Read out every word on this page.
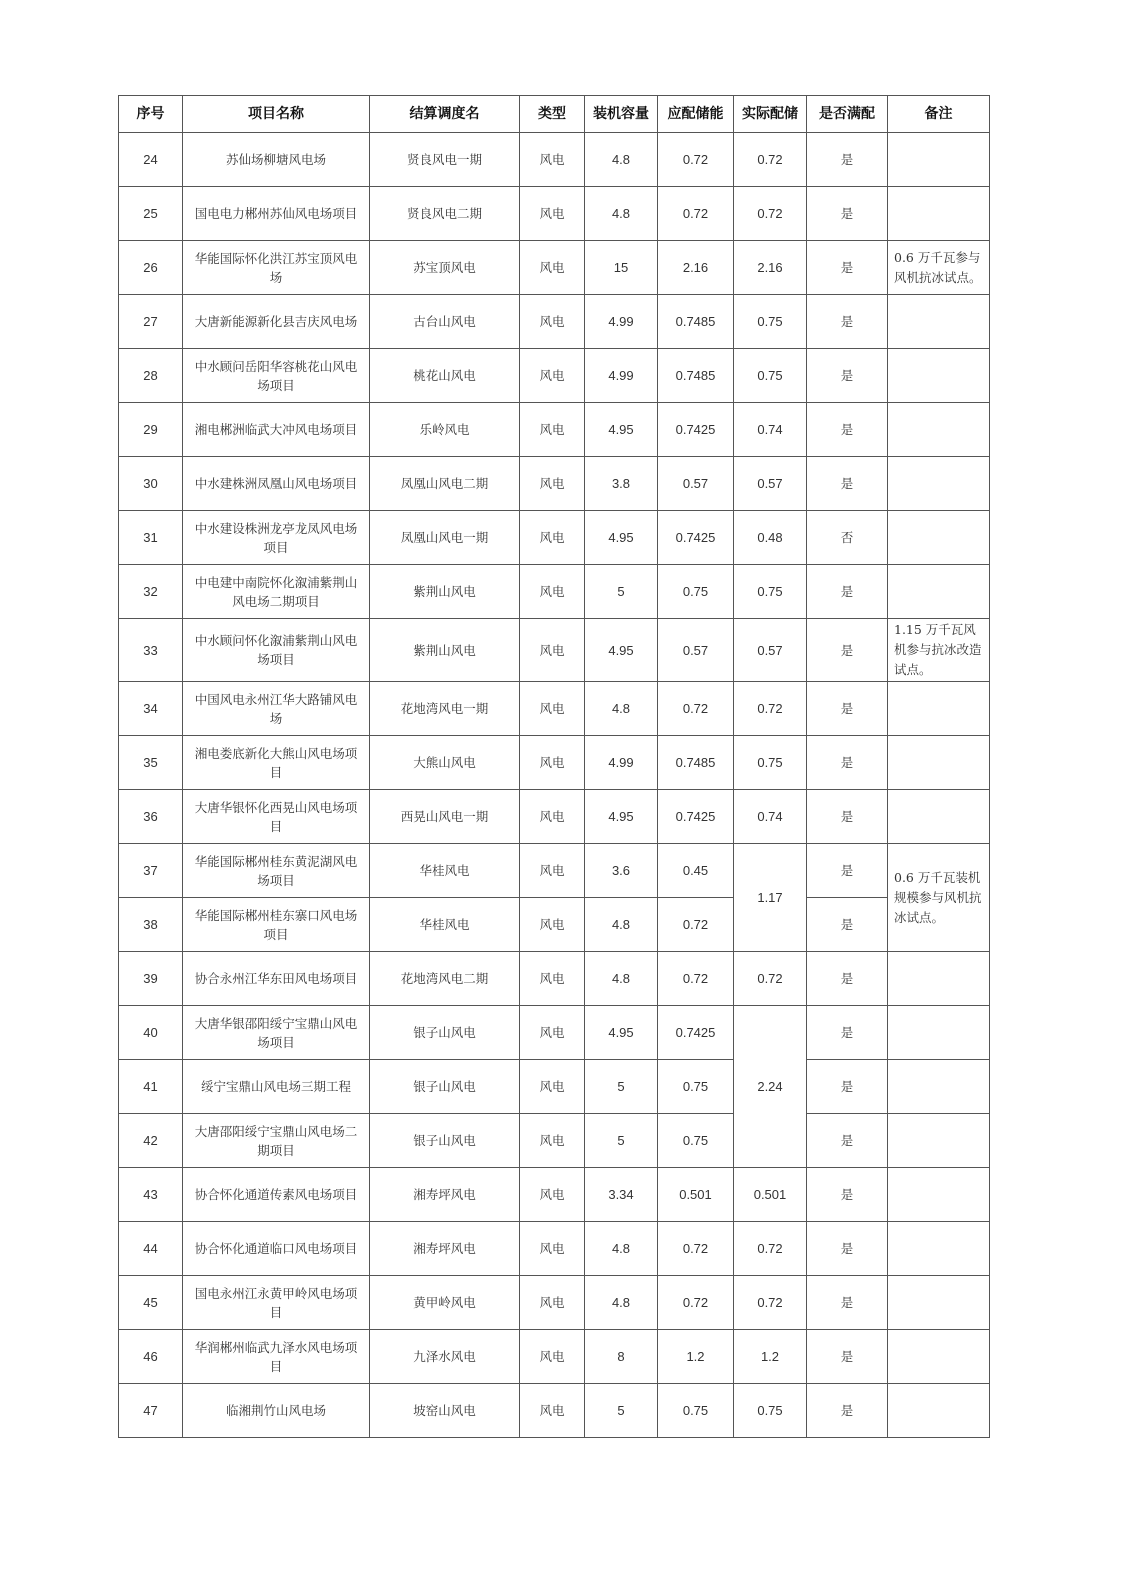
序号	项目名称	结算调度名	类型	装机容量	应配储能	实际配储	是否满配	备注
24	苏仙场柳塘风电场	贤良风电一期	风电	4.8	0.72	0.72	是	
25	国电电力郴州苏仙风电场项目	贤良风电二期	风电	4.8	0.72	0.72	是	
26	华能国际怀化洪江苏宝顶风电场	苏宝顶风电	风电	15	2.16	2.16	是	0.6 万千瓦参与风机抗冰试点。
27	大唐新能源新化县吉庆风电场	古台山风电	风电	4.99	0.7485	0.75	是	
28	中水顾问岳阳华容桃花山风电场项目	桃花山风电	风电	4.99	0.7485	0.75	是	
29	湘电郴洲临武大冲风电场项目	乐岭风电	风电	4.95	0.7425	0.74	是	
30	中水建株洲凤凰山风电场项目	凤凰山风电二期	风电	3.8	0.57	0.57	是	
31	中水建设株洲龙亭龙凤风电场项目	凤凰山风电一期	风电	4.95	0.7425	0.48	否	
32	中电建中南院怀化溆浦紫荆山风电场二期项目	紫荆山风电	风电	5	0.75	0.75	是	
33	中水顾问怀化溆浦紫荆山风电场项目	紫荆山风电	风电	4.95	0.57	0.57	是	1.15 万千瓦风机参与抗冰改造试点。
34	中国风电永州江华大路铺风电场	花地湾风电一期	风电	4.8	0.72	0.72	是	
35	湘电娄底新化大熊山风电场项目	大熊山风电	风电	4.99	0.7485	0.75	是	
36	大唐华银怀化西晃山风电场项目	西晃山风电一期	风电	4.95	0.7425	0.74	是	
37	华能国际郴州桂东黄泥湖风电场项目	华桂风电	风电	3.6	0.45	1.17	是	0.6 万千瓦装机规模参与风机抗冰试点。
38	华能国际郴州桂东寨口风电场项目	华桂风电	风电	4.8	0.72		是	
39	协合永州江华东田风电场项目	花地湾风电二期	风电	4.8	0.72	0.72	是	
40	大唐华银邵阳绥宁宝鼎山风电场项目	银子山风电	风电	4.95	0.7425	2.24	是	
41	绥宁宝鼎山风电场三期工程	银子山风电	风电	5	0.75		是	
42	大唐邵阳绥宁宝鼎山风电场二期项目	银子山风电	风电	5	0.75		是	
43	协合怀化通道传素风电场项目	湘寿坪风电	风电	3.34	0.501	0.501	是	
44	协合怀化通道临口风电场项目	湘寿坪风电	风电	4.8	0.72	0.72	是	
45	国电永州江永黄甲岭风电场项目	黄甲岭风电	风电	4.8	0.72	0.72	是	
46	华润郴州临武九泽水风电场项目	九泽水风电	风电	8	1.2	1.2	是	
47	临湘荆竹山风电场	坡窑山风电	风电	5	0.75	0.75	是	
